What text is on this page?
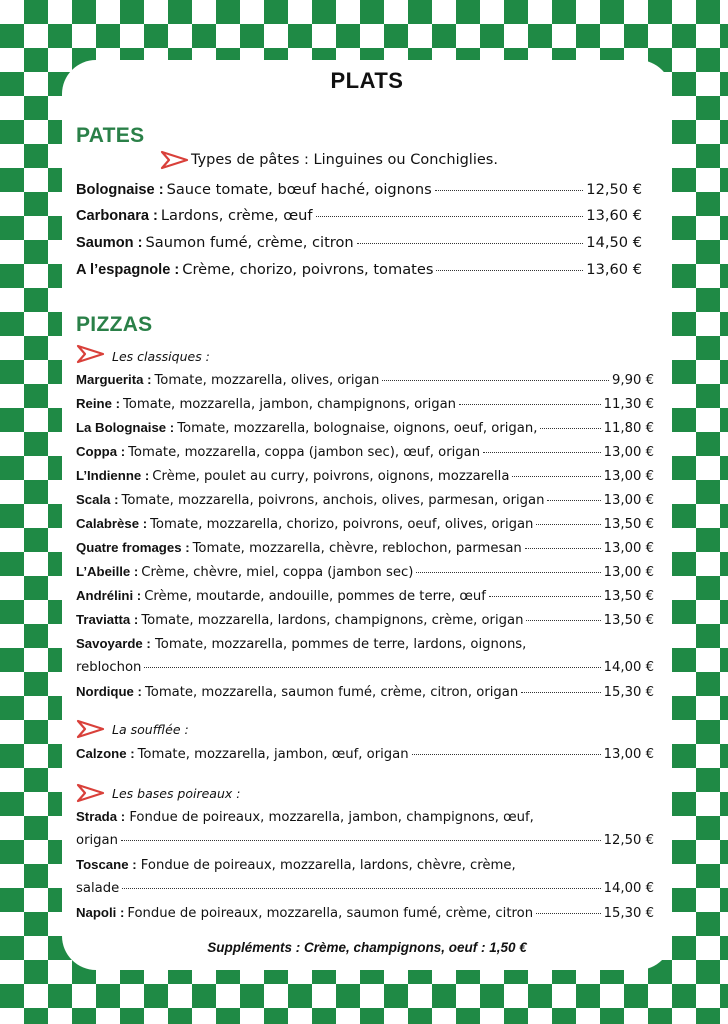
PLATS
PATES
Types de pâtes : Linguines ou Conchiglies.
Bolognaise : Sauce tomate, bœuf haché, oignons	12,50 €
Carbonara : Lardons, crème, œuf	13,60 €
Saumon : Saumon fumé, crème, citron	14,50 €
A l’espagnole : Crème, chorizo, poivrons, tomates	13,60 €
PIZZAS
Les classiques :
Marguerita : Tomate, mozzarella, olives, origan	9,90 €
Reine : Tomate, mozzarella, jambon, champignons, origan	11,30 €
La Bolognaise : Tomate, mozzarella, bolognaise, oignons, oeuf, origan,	11,80 €
Coppa : Tomate, mozzarella, coppa (jambon sec), œuf, origan	13,00 €
L’Indienne : Crème, poulet au curry, poivrons, oignons, mozzarella	13,00 €
Scala : Tomate, mozzarella, poivrons, anchois, olives, parmesan, origan	13,00 €
Calabrèse : Tomate, mozzarella, chorizo, poivrons, oeuf, olives, origan	13,50 €
Quatre fromages : Tomate, mozzarella, chèvre, reblochon, parmesan	13,00 €
L’Abeille : Crème, chèvre, miel, coppa (jambon sec)	13,00 €
Andrélini : Crème, moutarde, andouille, pommes de terre, œuf	13,50 €
Traviatta : Tomate, mozzarella, lardons, champignons, crème, origan	13,50 €
Savoyarde : Tomate, mozzarella, pommes de terre, lardons, oignons,
reblochon	14,00 €
Nordique : Tomate, mozzarella, saumon fumé, crème, citron, origan	15,30 €
La soufflée :
Calzone : Tomate, mozzarella, jambon, œuf, origan	13,00 €
Les bases poireaux :
Strada : Fondue de poireaux, mozzarella, jambon, champignons, œuf,
origan	12,50 €
Toscane : Fondue de poireaux, mozzarella, lardons, chèvre, crème,
salade	14,00 €
Napoli : Fondue de poireaux, mozzarella, saumon fumé, crème, citron	15,30 €
Suppléments : Crème, champignons, oeuf : 1,50 €
